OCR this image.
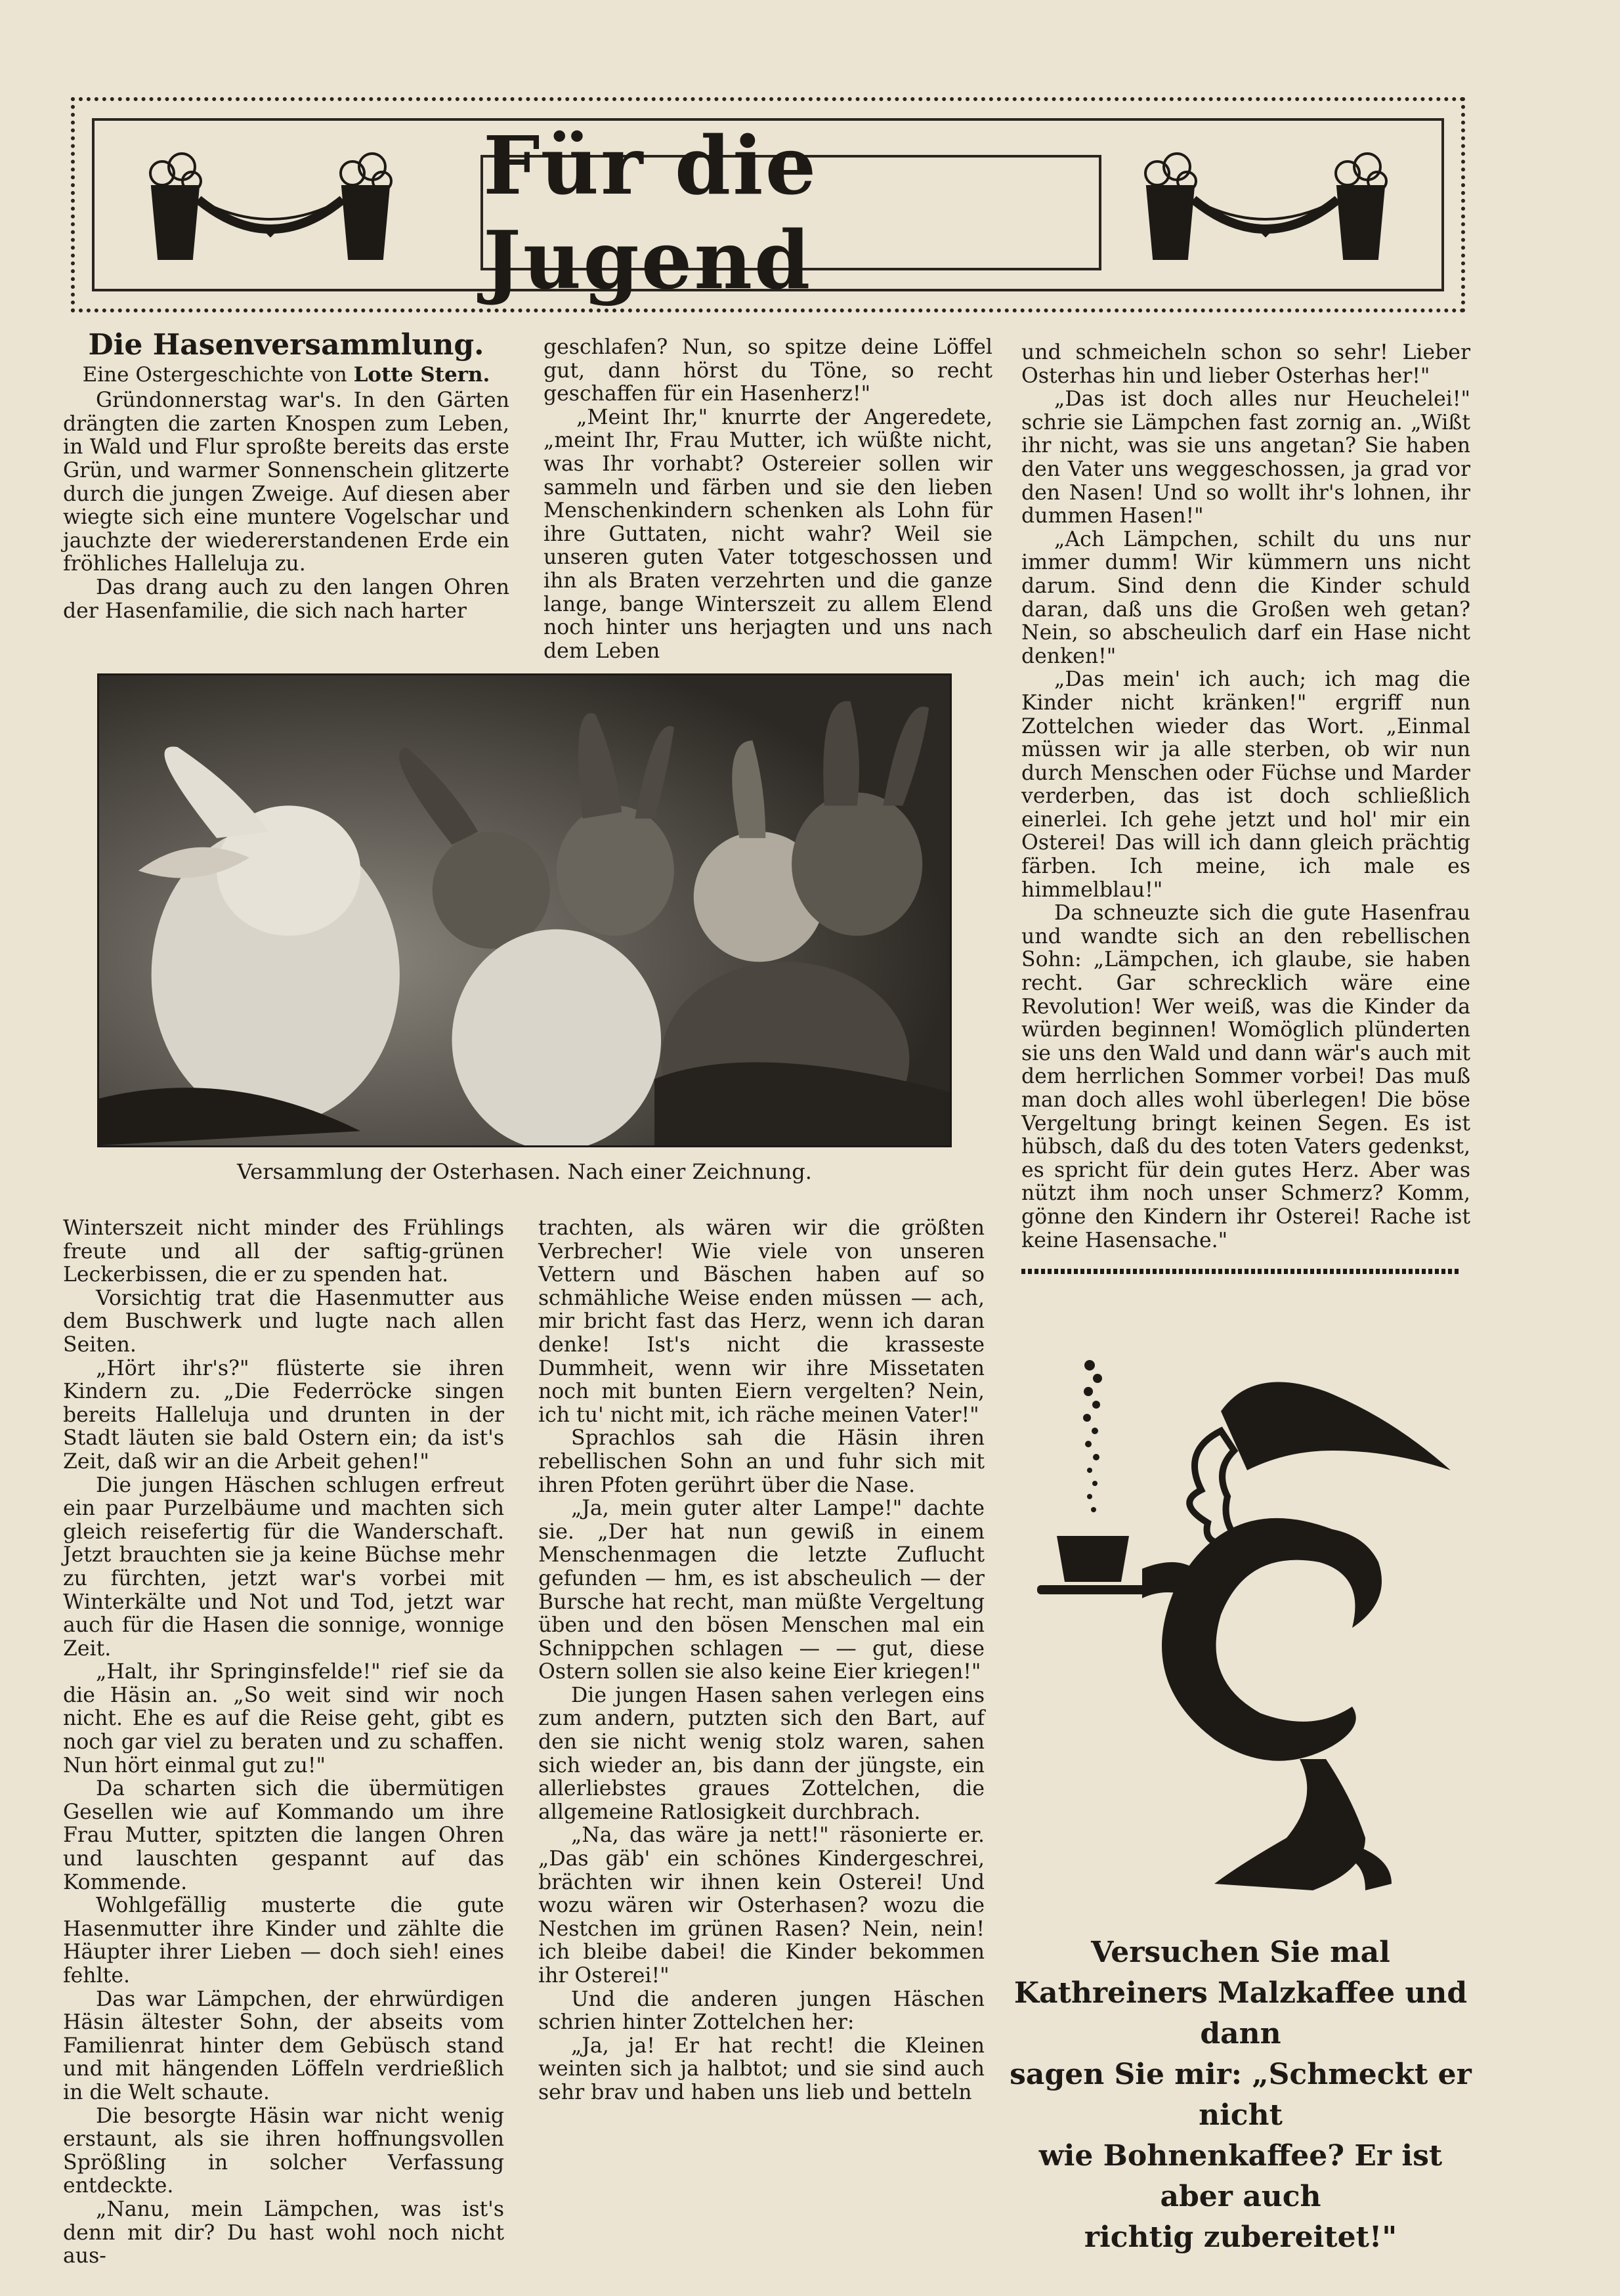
Für die Jugend
Die Hasenversammlung.
Eine Ostergeschichte von Lotte Stern.

Gründonnerstag war's. In den Gärten drängten die zarten Knospen zum Leben, in Wald und Flur sproßte bereits das erste Grün, und warmer Sonnenschein glitzerte durch die jungen Zweige. Auf diesen aber wiegte sich eine muntere Vogelschar und jauchzte der wiedererstandenen Erde ein fröhliches Halleluja zu.

Das drang auch zu den langen Ohren der Hasenfamilie, die sich nach harter

geschlafen? Nun, so spitze deine Löffel gut, dann hörst du Töne, so recht geschaffen für ein Hasenherz!"

„Meint Ihr," knurrte der Angeredete, „meint Ihr, Frau Mutter, ich wüßte nicht, was Ihr vorhabt? Ostereier sollen wir sammeln und färben und sie den lieben Menschenkindern schenken als Lohn für ihre Guttaten, nicht wahr? Weil sie unseren guten Vater totgeschossen und ihn als Braten verzehrten und die ganze lange, bange Winterszeit zu allem Elend noch hinter uns herjagten und uns nach dem Leben

und schmeicheln schon so sehr! Lieber Osterhas hin und lieber Osterhas her!"

„Das ist doch alles nur Heuchelei!" schrie sie Lämpchen fast zornig an. „Wißt ihr nicht, was sie uns angetan? Sie haben den Vater uns weggeschossen, ja grad vor den Nasen! Und so wollt ihr's lohnen, ihr dummen Hasen!"

„Ach Lämpchen, schilt du uns nur immer dumm! Wir kümmern uns nicht darum. Sind denn die Kinder schuld daran, daß uns die Großen weh getan? Nein, so abscheulich darf ein Hase nicht denken!"

„Das mein' ich auch; ich mag die Kinder nicht kränken!" ergriff nun Zottelchen wieder das Wort. „Einmal müssen wir ja alle sterben, ob wir nun durch Menschen oder Füchse und Marder verderben, das ist doch schließlich einerlei. Ich gehe jetzt und hol' mir ein Osterei! Das will ich dann gleich prächtig färben. Ich meine, ich male es himmelblau!"

Da schneuzte sich die gute Hasenfrau und wandte sich an den rebellischen Sohn: „Lämpchen, ich glaube, sie haben recht. Gar schrecklich wäre eine Revolution! Wer weiß, was die Kinder da würden beginnen! Womöglich plünderten sie uns den Wald und dann wär's auch mit dem herrlichen Sommer vorbei! Das muß man doch alles wohl überlegen! Die böse Vergeltung bringt keinen Segen. Es ist hübsch, daß du des toten Vaters gedenkst, es spricht für dein gutes Herz. Aber was nützt ihm noch unser Schmerz? Komm, gönne den Kindern ihr Osterei! Rache ist keine Hasensache."

Versammlung der Osterhasen. Nach einer Zeichnung.

Winterszeit nicht minder des Frühlings freute und all der saftig-grünen Leckerbissen, die er zu spenden hat.

Vorsichtig trat die Hasenmutter aus dem Buschwerk und lugte nach allen Seiten.

„Hört ihr's?" flüsterte sie ihren Kindern zu. „Die Federröcke singen bereits Halleluja und drunten in der Stadt läuten sie bald Ostern ein; da ist's Zeit, daß wir an die Arbeit gehen!"

Die jungen Häschen schlugen erfreut ein paar Purzelbäume und machten sich gleich reisefertig für die Wanderschaft. Jetzt brauchten sie ja keine Büchse mehr zu fürchten, jetzt war's vorbei mit Winterkälte und Not und Tod, jetzt war auch für die Hasen die sonnige, wonnige Zeit.

„Halt, ihr Springinsfelde!" rief sie da die Häsin an. „So weit sind wir noch nicht. Ehe es auf die Reise geht, gibt es noch gar viel zu beraten und zu schaffen. Nun hört einmal gut zu!"

Da scharten sich die übermütigen Gesellen wie auf Kommando um ihre Frau Mutter, spitzten die langen Ohren und lauschten gespannt auf das Kommende.

Wohlgefällig musterte die gute Hasenmutter ihre Kinder und zählte die Häupter ihrer Lieben — doch sieh! eines fehlte.

Das war Lämpchen, der ehrwürdigen Häsin ältester Sohn, der abseits vom Familienrat hinter dem Gebüsch stand und mit hängenden Löffeln verdrießlich in die Welt schaute.

Die besorgte Häsin war nicht wenig erstaunt, als sie ihren hoffnungsvollen Sprößling in solcher Verfassung entdeckte.

„Nanu, mein Lämpchen, was ist's denn mit dir? Du hast wohl noch nicht aus-

trachten, als wären wir die größten Verbrecher! Wie viele von unseren Vettern und Bäschen haben auf so schmähliche Weise enden müssen — ach, mir bricht fast das Herz, wenn ich daran denke! Ist's nicht die krasseste Dummheit, wenn wir ihre Missetaten noch mit bunten Eiern vergelten? Nein, ich tu' nicht mit, ich räche meinen Vater!"

Sprachlos sah die Häsin ihren rebellischen Sohn an und fuhr sich mit ihren Pfoten gerührt über die Nase.

„Ja, mein guter alter Lampe!" dachte sie. „Der hat nun gewiß in einem Menschenmagen die letzte Zuflucht gefunden — hm, es ist abscheulich — der Bursche hat recht, man müßte Vergeltung üben und den bösen Menschen mal ein Schnippchen schlagen — — gut, diese Ostern sollen sie also keine Eier kriegen!"

Die jungen Hasen sahen verlegen eins zum andern, putzten sich den Bart, auf den sie nicht wenig stolz waren, sahen sich wieder an, bis dann der jüngste, ein allerliebstes graues Zottelchen, die allgemeine Ratlosigkeit durchbrach.

„Na, das wäre ja nett!" räsonierte er. „Das gäb' ein schönes Kindergeschrei, brächten wir ihnen kein Osterei! Und wozu wären wir Osterhasen? wozu die Nestchen im grünen Rasen? Nein, nein! ich bleibe dabei! die Kinder bekommen ihr Osterei!"

Und die anderen jungen Häschen schrien hinter Zottelchen her:

„Ja, ja! Er hat recht! die Kleinen weinten sich ja halbtot; und sie sind auch sehr brav und haben uns lieb und betteln

Versuchen Sie mal
Kathreiners Malzkaffee und dann
sagen Sie mir: „Schmeckt er nicht
wie Bohnenkaffee? Er ist aber auch
richtig zubereitet!"
